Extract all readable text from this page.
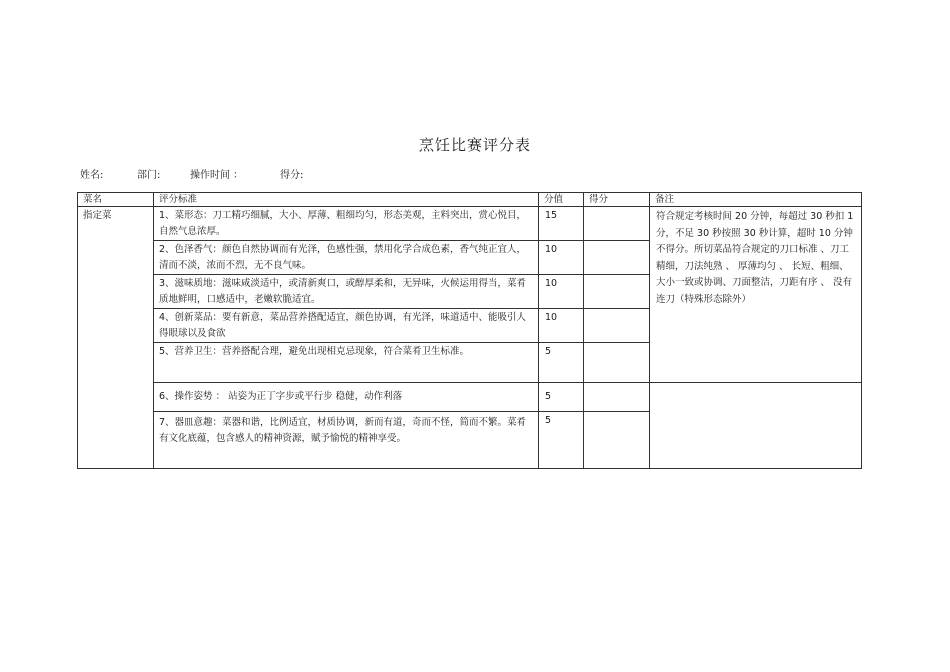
烹饪比赛评分表
姓名:	部门:	操作时间 ：	得分:
菜名	评分标准	分值	得分	备注
指定菜	1、菜形态：刀工精巧细腻，大小、厚薄、粗细均匀，形态美观，主料突出，赏心悦目，自然气息浓厚。	15		符合规定考核时间 20 分钟，每超过 30 秒扣 1 分，不足 30 秒按照 30 秒计算，超时 10 分钟不得分。所切菜品符合规定的刀口标准 、刀工精细，刀法纯熟 、 厚薄均匀 、 长短、粗细、大小一致或协调、刀面整洁，刀距有序 、 没有连刀（特殊形态除外）
	2、色泽香气：颜色自然协调而有光泽，色感性强，禁用化学合成色素，香气纯正宜人，清而不淡，浓而不烈，无不良气味。	10		
	3、滋味质地：滋味咸淡适中，或清新爽口，或醇厚柔和，无异味，火候运用得当，菜肴质地鲜明，口感适中，老嫩软脆适宜。	10		
	4、创新菜品：要有新意，菜品营养搭配适宜，颜色协调，有光泽，味道适中、能吸引人得眼球以及食欲	10		
	5、营养卫生：营养搭配合理，避免出现相克忌现象，符合菜肴卫生标准。	5		
	6、操作姿势 ： 站姿为正丁字步或平行步 稳健，动作利落	5		
	7、器皿意趣：菜器和谐，比例适宜，材质协调，新而有道，奇而不怪，简而不繁。菜肴有文化底蕴，包含感人的精神资源，赋予愉悦的精神享受。	5		
